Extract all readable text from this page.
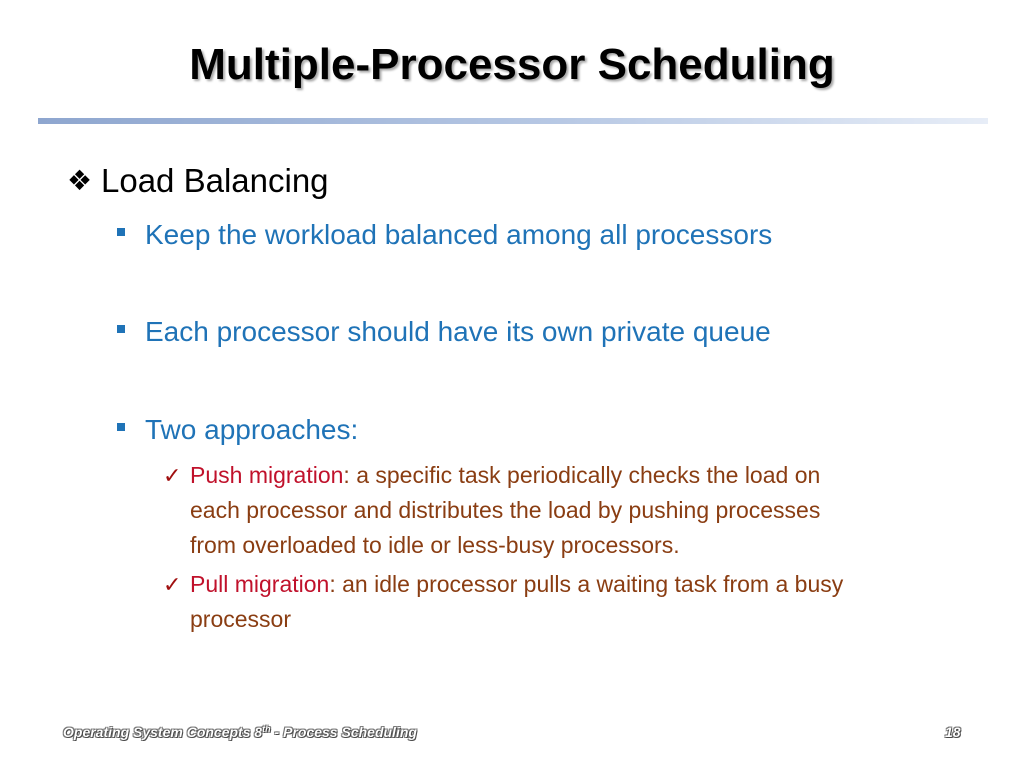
Multiple-Processor Scheduling
❖ Load Balancing
Keep the workload balanced among all processors
Each processor should have its own private queue
Two approaches:
✓ Push migration: a specific task periodically checks the load on
each processor and distributes the load by pushing processes
from overloaded to idle or less-busy processors.
✓ Pull migration: an idle processor pulls a waiting task from a busy
processor
Operating System Concepts 8th - Process Scheduling	18
